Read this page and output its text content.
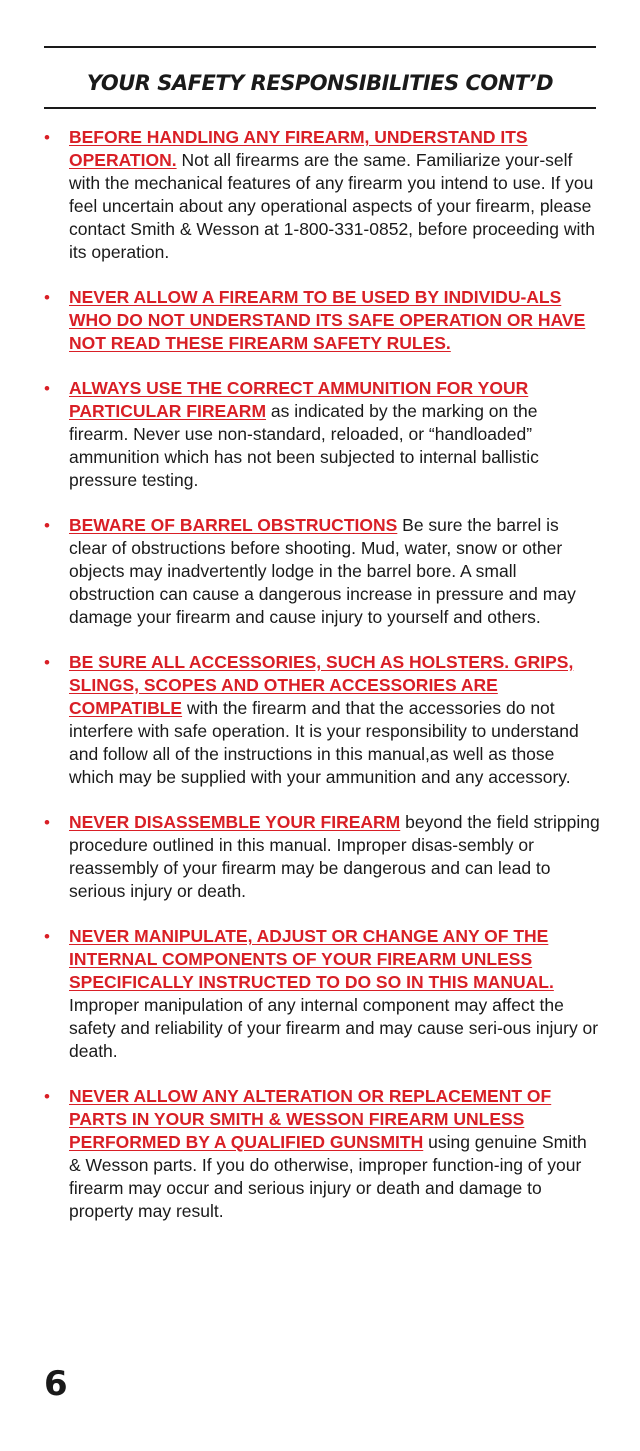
YOUR SAFETY RESPONSIBILITIES CONT’D
• BEFORE HANDLING ANY FIREARM, UNDERSTAND ITS OPERATION. Not all firearms are the same. Familiarize your-self with the mechanical features of any firearm you intend to use. If you feel uncertain about any operational aspects of your firearm, please contact Smith & Wesson at 1-800-331-0852, before proceeding with its operation.
• NEVER ALLOW A FIREARM TO BE USED BY INDIVIDU-ALS WHO DO NOT UNDERSTAND ITS SAFE OPERATION OR HAVE NOT READ THESE FIREARM SAFETY RULES.
• ALWAYS USE THE CORRECT AMMUNITION FOR YOUR PARTICULAR FIREARM as indicated by the marking on the firearm. Never use non-standard, reloaded, or “handloaded” ammunition which has not been subjected to internal ballistic pressure testing.
• BEWARE OF BARREL OBSTRUCTIONS Be sure the barrel is clear of obstructions before shooting. Mud, water, snow or other objects may inadvertently lodge in the barrel bore. A small obstruction can cause a dangerous increase in pressure and may damage your firearm and cause injury to yourself and others.
• BE SURE ALL ACCESSORIES, SUCH AS HOLSTERS. GRIPS, SLINGS, SCOPES AND OTHER ACCESSORIES ARE COMPATIBLE with the firearm and that the accessories do not interfere with safe operation. It is your responsibility to understand and follow all of the instructions in this manual,as well as those which may be supplied with your ammunition and any accessory.
• NEVER DISASSEMBLE YOUR FIREARM beyond the field stripping procedure outlined in this manual. Improper disas-sembly or reassembly of your firearm may be dangerous and can lead to serious injury or death.
• NEVER MANIPULATE, ADJUST OR CHANGE ANY OF THE INTERNAL COMPONENTS OF YOUR FIREARM UNLESS SPECIFICALLY INSTRUCTED TO DO SO IN THIS MANUAL. Improper manipulation of any internal component may affect the safety and reliability of your firearm and may cause seri-ous injury or death.
• NEVER ALLOW ANY ALTERATION OR REPLACEMENT OF PARTS IN YOUR SMITH & WESSON FIREARM UNLESS PERFORMED BY A QUALIFIED GUNSMITH using genuine Smith & Wesson parts. If you do otherwise, improper function-ing of your firearm may occur and serious injury or death and damage to property may result.

6
